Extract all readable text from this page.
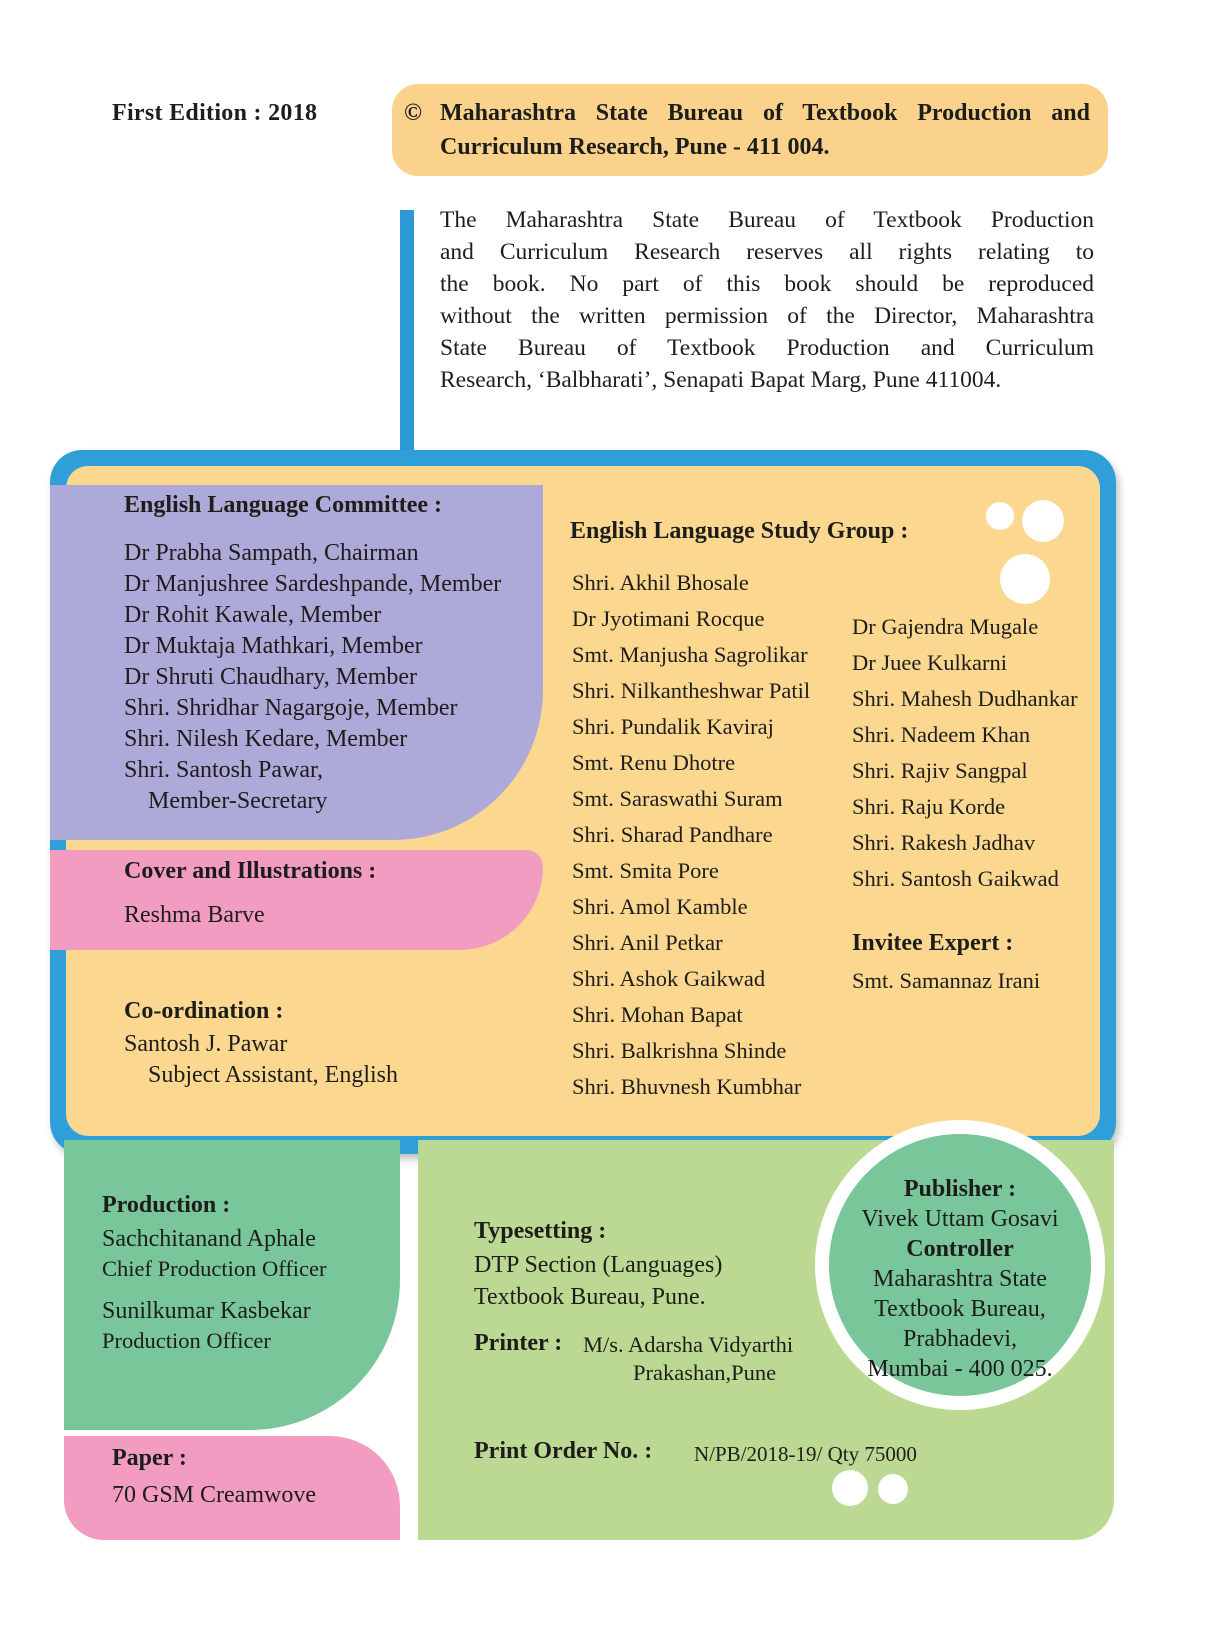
First Edition : 2018	© Maharashtra State Bureau of Textbook Production and
Curriculum Research, Pune - 411 004.
The Maharashtra State Bureau of Textbook Production
and Curriculum Research reserves all rights relating to
the book. No part of this book should be reproduced
without the written permission of the Director, Maharashtra
State Bureau of Textbook Production and Curriculum
Research, ‘Balbharati’, Senapati Bapat Marg, Pune 411004.
English Language Committee :
Dr Prabha Sampath, Chairman
Dr Manjushree Sardeshpande, Member
Dr Rohit Kawale, Member
Dr Muktaja Mathkari, Member
Dr Shruti Chaudhary, Member
Shri. Shridhar Nagargoje, Member
Shri. Nilesh Kedare, Member
Shri. Santosh Pawar,
Member-Secretary
Cover and Illustrations :
Reshma Barve
Co-ordination :
Santosh J. Pawar
Subject Assistant, English
English Language Study Group :
Shri. Akhil Bhosale
Dr Jyotimani Rocque
Smt. Manjusha Sagrolikar
Shri. Nilkantheshwar Patil
Shri. Pundalik Kaviraj
Smt. Renu Dhotre
Smt. Saraswathi Suram
Shri. Sharad Pandhare
Smt. Smita Pore
Shri. Amol Kamble
Shri. Anil Petkar
Shri. Ashok Gaikwad
Shri. Mohan Bapat
Shri. Balkrishna Shinde
Shri. Bhuvnesh Kumbhar
Dr Gajendra Mugale
Dr Juee Kulkarni
Shri. Mahesh Dudhankar
Shri. Nadeem Khan
Shri. Rajiv Sangpal
Shri. Raju Korde
Shri. Rakesh Jadhav
Shri. Santosh Gaikwad
Invitee Expert :
Smt. Samannaz Irani
Production :
Sachchitanand Aphale
Chief Production Officer
Sunilkumar Kasbekar
Production Officer
Paper :
70 GSM Creamwove
Typesetting :
DTP Section (Languages)
Textbook Bureau, Pune.
Printer : M/s. Adarsha Vidyarthi
Prakashan,Pune
Print Order No. : N/PB/2018-19/ Qty 75000
Publisher :
Vivek Uttam Gosavi
Controller
Maharashtra State
Textbook Bureau,
Prabhadevi,
Mumbai - 400 025.
